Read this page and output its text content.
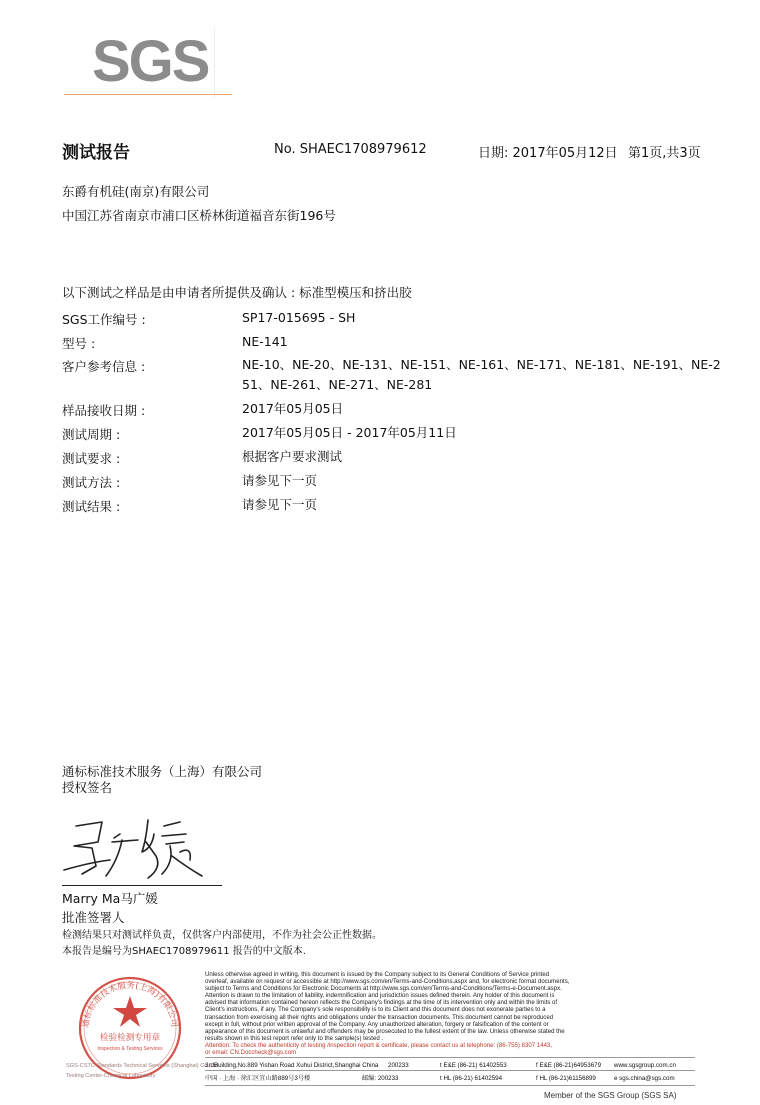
SGS
测试报告	No. SHAEC1708979612	日期: 2017年05月12日 第1页,共3页
东爵有机硅(南京)有限公司
中国江苏省南京市浦口区桥林街道福音东街196号
以下测试之样品是由申请者所提供及确认 : 标准型模压和挤出胶
SGS工作编号 :	SP17-015695 - SH
型号 :	NE-141
客户参考信息 :	NE-10、NE-20、NE-131、NE-151、NE-161、NE-171、NE-181、NE-191、NE-2
51、NE-261、NE-271、NE-281
样品接收日期 :	2017年05月05日
测试周期 :	2017年05月05日 - 2017年05月11日
测试要求 :	根据客户要求测试
测试方法 :	请参见下一页
测试结果 :	请参见下一页
通标标准技术服务（上海）有限公司
授权签名
Marry Ma马广媛
批准签署人
检测结果只对测试样负责，仅供客户内部使用，不作为社会公正性数据。
本报告是编号为SHAEC1708979611 报告的中文版本.
通标标准技术服务(上海)有限公司
检验检测专用章
Inspection & Testing Services
SGS-CSTC Standards Technical Services (Shanghai) Co.,Ltd.
Testing Center-Chemical Laboratory
Unless otherwise agreed in writing, this document is issued by the Company subject to its General Conditions of Service printed
overleaf, available on request or accessible at http://www.sgs.com/en/Terms-and-Conditions.aspx and, for electronic format documents,
subject to Terms and Conditions for Electronic Documents at http://www.sgs.com/en/Terms-and-Conditions/Terms-e-Document.aspx.
Attention is drawn to the limitation of liability, indemnification and jurisdiction issues defined therein. Any holder of this document is
advised that information contained hereon reflects the Company's findings at the time of its intervention only and within the limits of
Client's instructions, if any. The Company's sole responsibility is to its Client and this document does not exonerate parties to a
transaction from exercising all their rights and obligations under the transaction documents. This document cannot be reproduced
except in full, without prior written approval of the Company. Any unauthorized alteration, forgery or falsification of the content or
appearance of this document is unlawful and offenders may be prosecuted to the fullest extent of the law. Unless otherwise stated the
results shown in this test report refer only to the sample(s) tested .
Attention: To check the authenticity of testing /inspection report & certificate, please contact us at telephone: (86-755) 8307 1443,
or email: CN.Doccheck@sgs.com
3rdBuilding,No.889 Yishan Road Xuhui District,Shanghai China 200233	t E&E (86-21) 61402553	f E&E (86-21)64953679 www.sgsgroup.com.cn
中国 · 上海 · 徐汇区宜山路889号3号楼	邮编: 200233	t HL (86-21) 61402594	f HL (86-21)61156899	e sgs.china@sgs.com
Member of the SGS Group (SGS SA)
